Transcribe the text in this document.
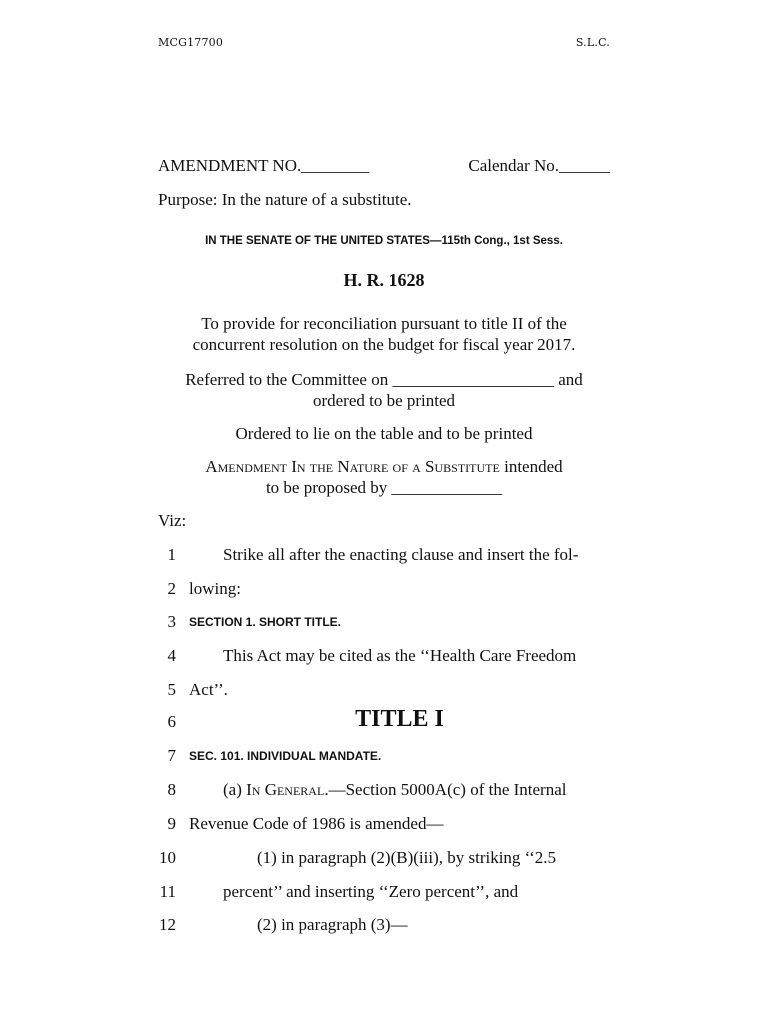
MCG17700	S.L.C.
AMENDMENT NO.________	Calendar No.______
Purpose: In the nature of a substitute.
IN THE SENATE OF THE UNITED STATES—115th Cong., 1st Sess.
H. R. 1628
To provide for reconciliation pursuant to title II of the
concurrent resolution on the budget for fiscal year 2017.
Referred to the Committee on ___________________ and
ordered to be printed
Ordered to lie on the table and to be printed
Amendment In the Nature of a Substitute intended
to be proposed by _____________
Viz:
1	Strike all after the enacting clause and insert the fol-
2 lowing:
3 SECTION 1. SHORT TITLE.
4	This Act may be cited as the ‘‘Health Care Freedom
5 Act’’.
6	TITLE I
7 SEC. 101. INDIVIDUAL MANDATE.
8	(a) In General.—Section 5000A(c) of the Internal
9 Revenue Code of 1986 is amended—
10	(1) in paragraph (2)(B)(iii), by striking ‘‘2.5
11	percent’’ and inserting ‘‘Zero percent’’, and
12	(2) in paragraph (3)—
